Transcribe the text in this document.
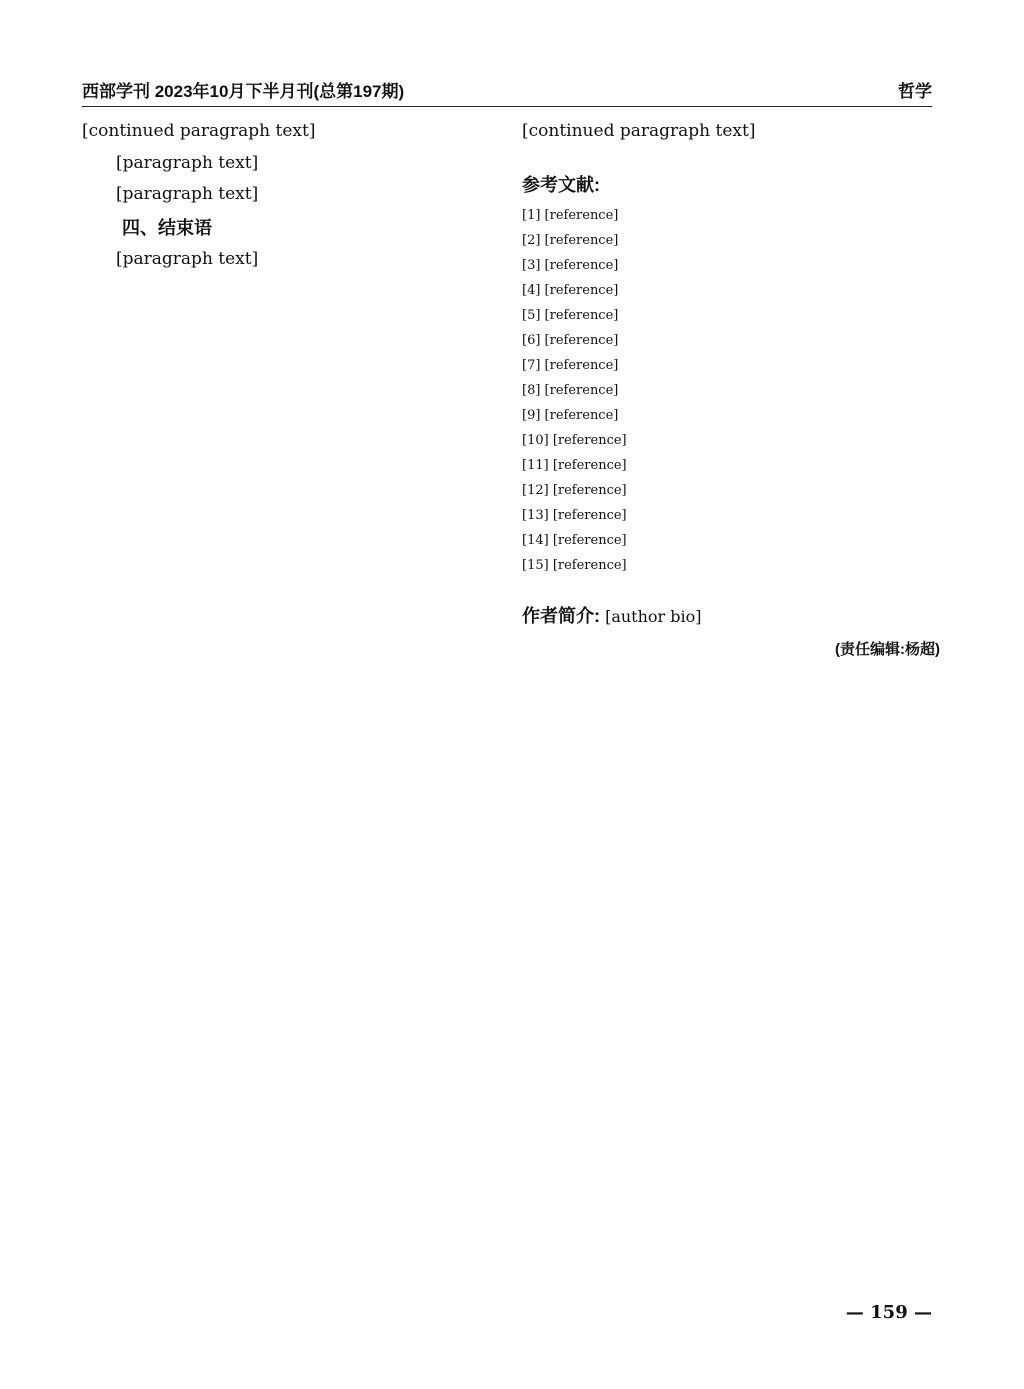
西部学刊 2023年10月下半月刊(总第197期)	哲学

[continued paragraph text]

[paragraph text]

[paragraph text]

四、结束语

[paragraph text]

[continued paragraph text]

参考文献:
[1] [reference]
[2] [reference]
[3] [reference]
[4] [reference]
[5] [reference]
[6] [reference]
[7] [reference]
[8] [reference]
[9] [reference]
[10] [reference]
[11] [reference]
[12] [reference]
[13] [reference]
[14] [reference]
[15] [reference]
作者简介: [author bio]
(责任编辑:杨超)
— 159 —
